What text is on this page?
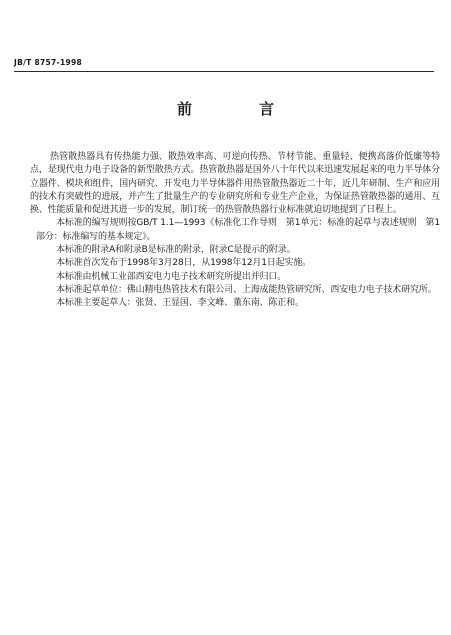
JB/T 8757-1998
前　言

热管散热器具有传热能力强、散热效率高、可逆向传热、节材节能、重量轻、便携高落价低廉等特点，是现代电力电子设备的新型散热方式。热管散热器是国外八十年代以来迅速发展起来的电力半导体分立器件、模块和组件，国内研究、开发电力半导体器件用热管散热器近二十年，近几年研制、生产和应用的技术有突破性的进展，并产生了批量生产的专业研究所和专业生产企业，为保证热管散热器的通用、互换、性能质量和促进其进一步的发展，制订统一的热管散热器行业标准就迫切地提到了日程上。

本标准的编写规则按GB/T 1.1—1993《标准化工作导则　第1单元：标准的起草与表述规则　第1部分：标准编写的基本规定》。

本标准的附录A和附录B是标准的附录，附录C是提示的附录。

本标准首次发布于1998年3月28日，从1998年12月1日起实施。

本标准由机械工业部西安电力电子技术研究所提出并归口。

本标准起草单位：佛山精电热管技术有限公司、上海成能热管研究所、西安电力电子技术研究所。

本标准主要起草人：张贤、王显国、李文峰、董东南、陈正和。
